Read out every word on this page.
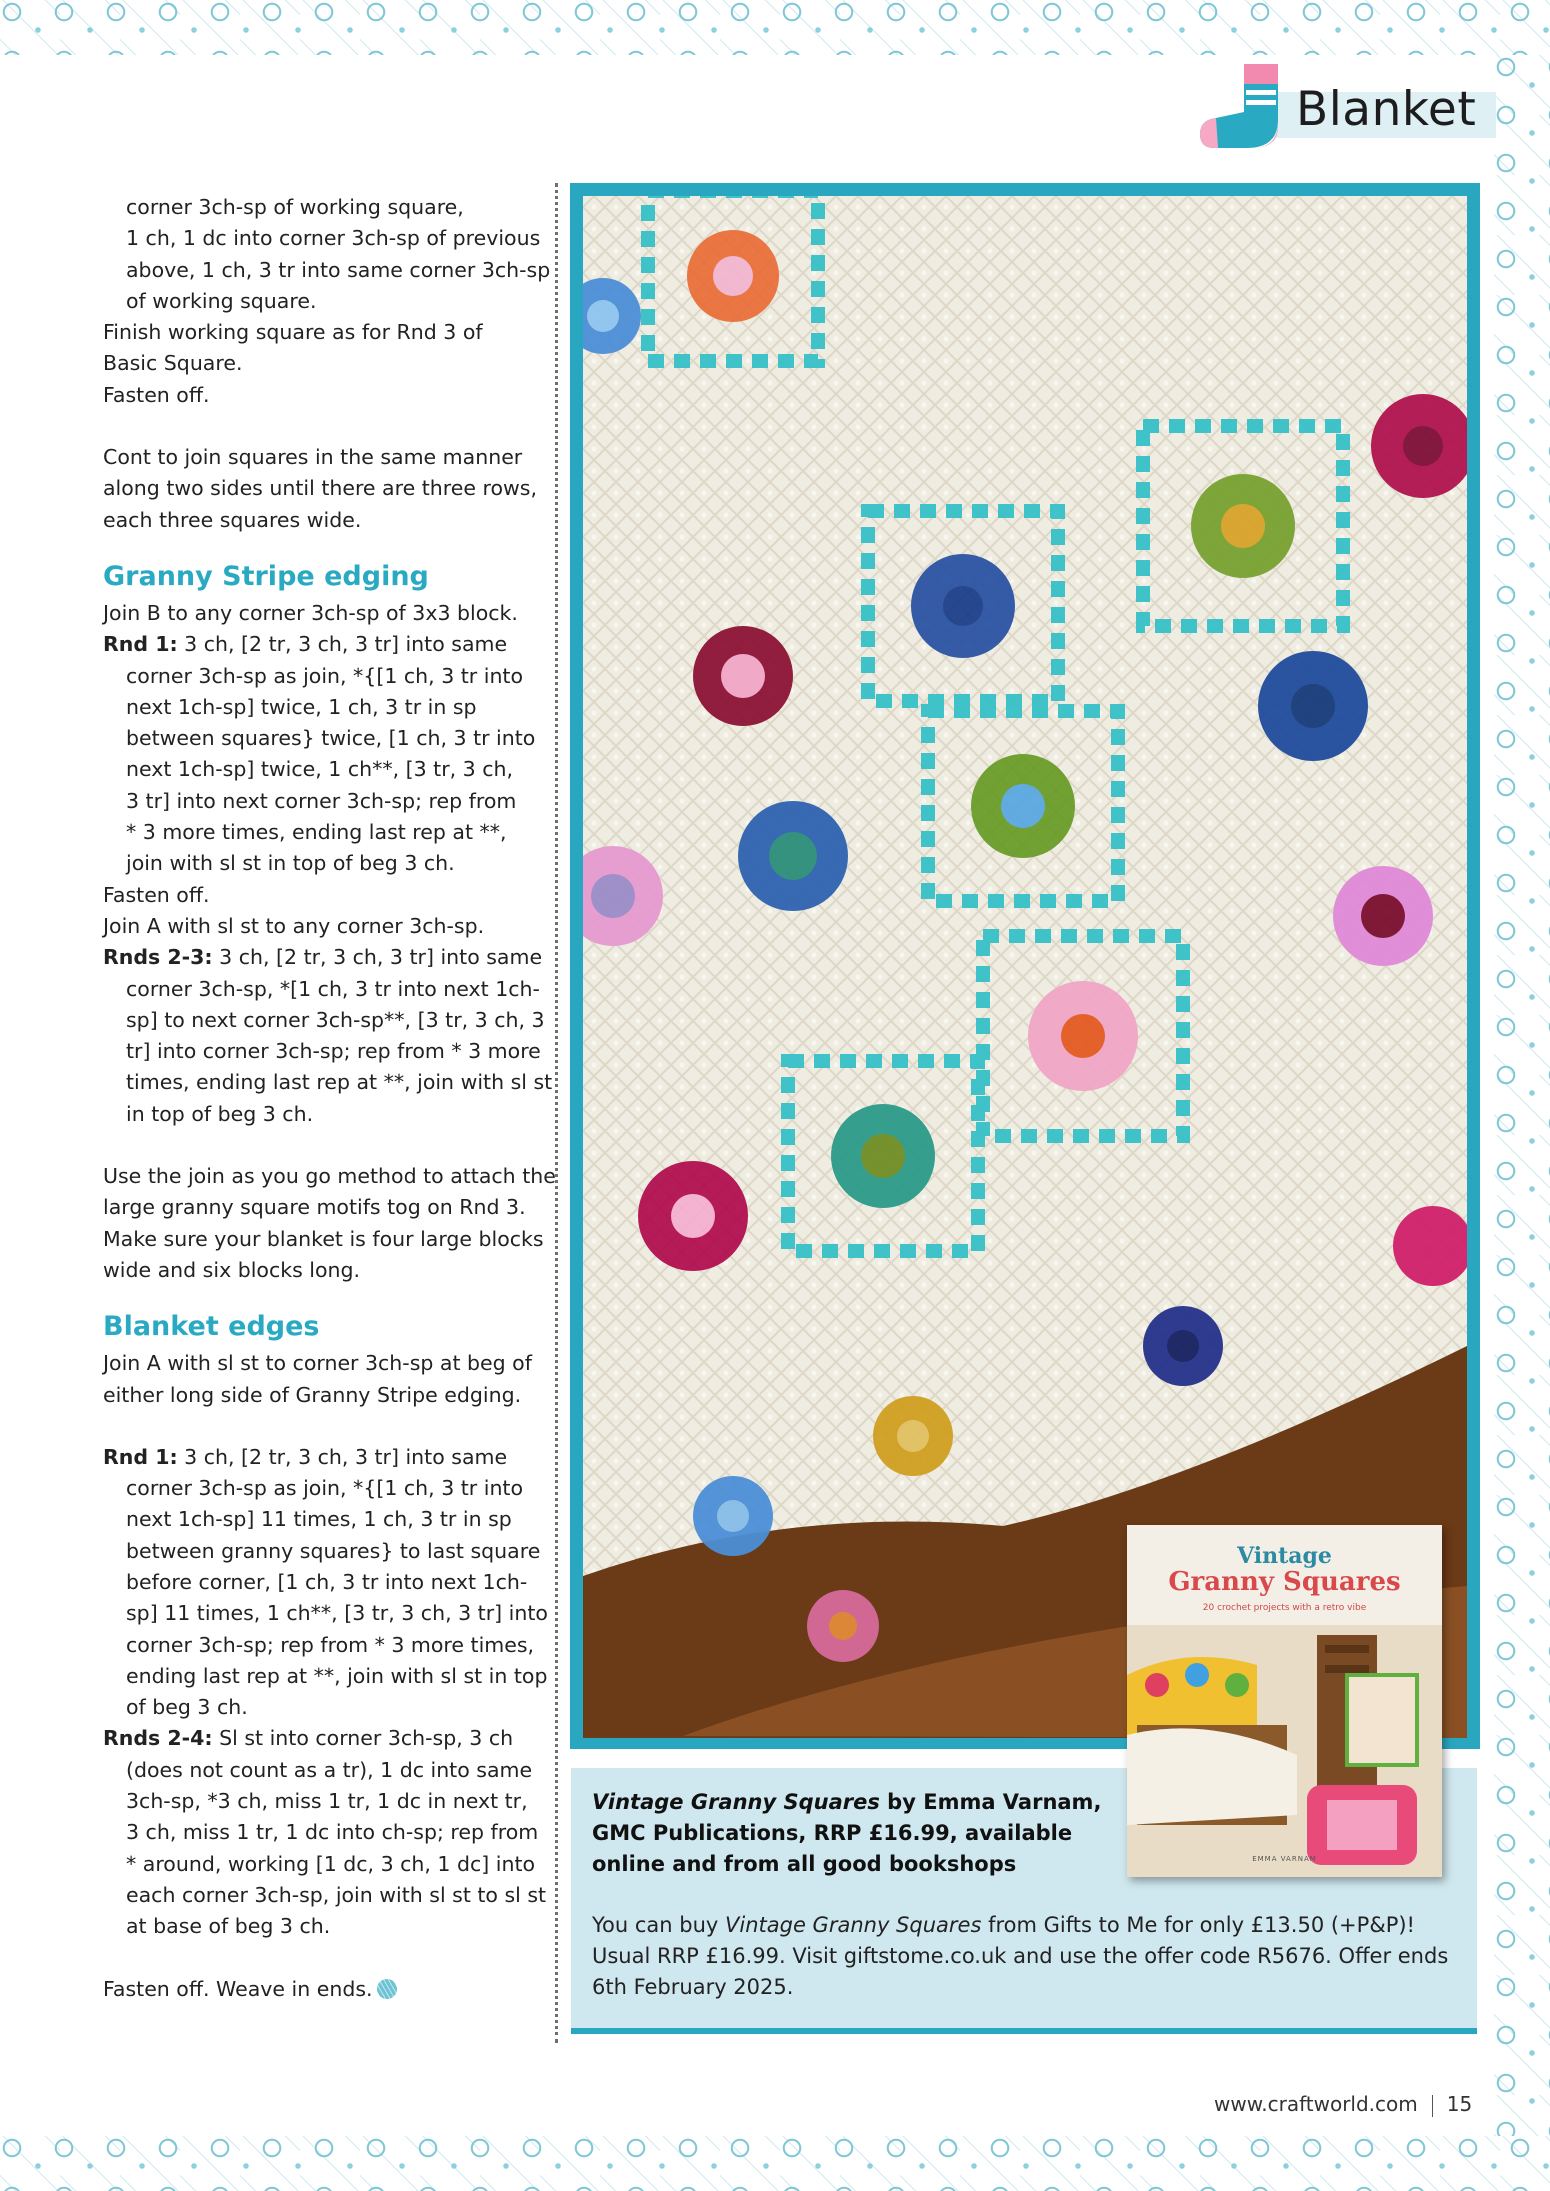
Blanket
corner 3ch-sp of working square,
1 ch, 1 dc into corner 3ch-sp of previous
above, 1 ch, 3 tr into same corner 3ch-sp
of working square.
Finish working square as for Rnd 3 of
Basic Square.
Fasten off.
Cont to join squares in the same manner
along two sides until there are three rows,
each three squares wide.
Granny Stripe edging
Join B to any corner 3ch-sp of 3x3 block.
Rnd 1: 3 ch, [2 tr, 3 ch, 3 tr] into same
corner 3ch-sp as join, *{[1 ch, 3 tr into
next 1ch-sp] twice, 1 ch, 3 tr in sp
between squares} twice, [1 ch, 3 tr into
next 1ch-sp] twice, 1 ch**, [3 tr, 3 ch,
3 tr] into next corner 3ch-sp; rep from
* 3 more times, ending last rep at **,
join with sl st in top of beg 3 ch.
Fasten off.
Join A with sl st to any corner 3ch-sp.
Rnds 2-3: 3 ch, [2 tr, 3 ch, 3 tr] into same
corner 3ch-sp, *[1 ch, 3 tr into next 1ch-
sp] to next corner 3ch-sp**, [3 tr, 3 ch, 3
tr] into corner 3ch-sp; rep from * 3 more
times, ending last rep at **, join with sl st
in top of beg 3 ch.
Use the join as you go method to attach the
large granny square motifs tog on Rnd 3.
Make sure your blanket is four large blocks
wide and six blocks long.
Blanket edges
Join A with sl st to corner 3ch-sp at beg of
either long side of Granny Stripe edging.
Rnd 1: 3 ch, [2 tr, 3 ch, 3 tr] into same
corner 3ch-sp as join, *{[1 ch, 3 tr into
next 1ch-sp] 11 times, 1 ch, 3 tr in sp
between granny squares} to last square
before corner, [1 ch, 3 tr into next 1ch-
sp] 11 times, 1 ch**, [3 tr, 3 ch, 3 tr] into
corner 3ch-sp; rep from * 3 more times,
ending last rep at **, join with sl st in top
of beg 3 ch.
Rnds 2-4: Sl st into corner 3ch-sp, 3 ch
(does not count as a tr), 1 dc into same
3ch-sp, *3 ch, miss 1 tr, 1 dc in next tr,
3 ch, miss 1 tr, 1 dc into ch-sp; rep from
* around, working [1 dc, 3 ch, 1 dc] into
each corner 3ch-sp, join with sl st to sl st
at base of beg 3 ch.
Fasten off. Weave in ends.
Vintage Granny Squares by Emma Varnam,
GMC Publications, RRP £16.99, available
online and from all good bookshops
You can buy Vintage Granny Squares from Gifts to Me for only £13.50 (+P&P)!
Usual RRP £16.99. Visit giftstome.co.uk and use the offer code R5676. Offer ends
6th February 2025.
Vintage
Granny Squares
20 crochet projects with a retro vibe
EMMA VARNAM
www.craftworld.com 15
